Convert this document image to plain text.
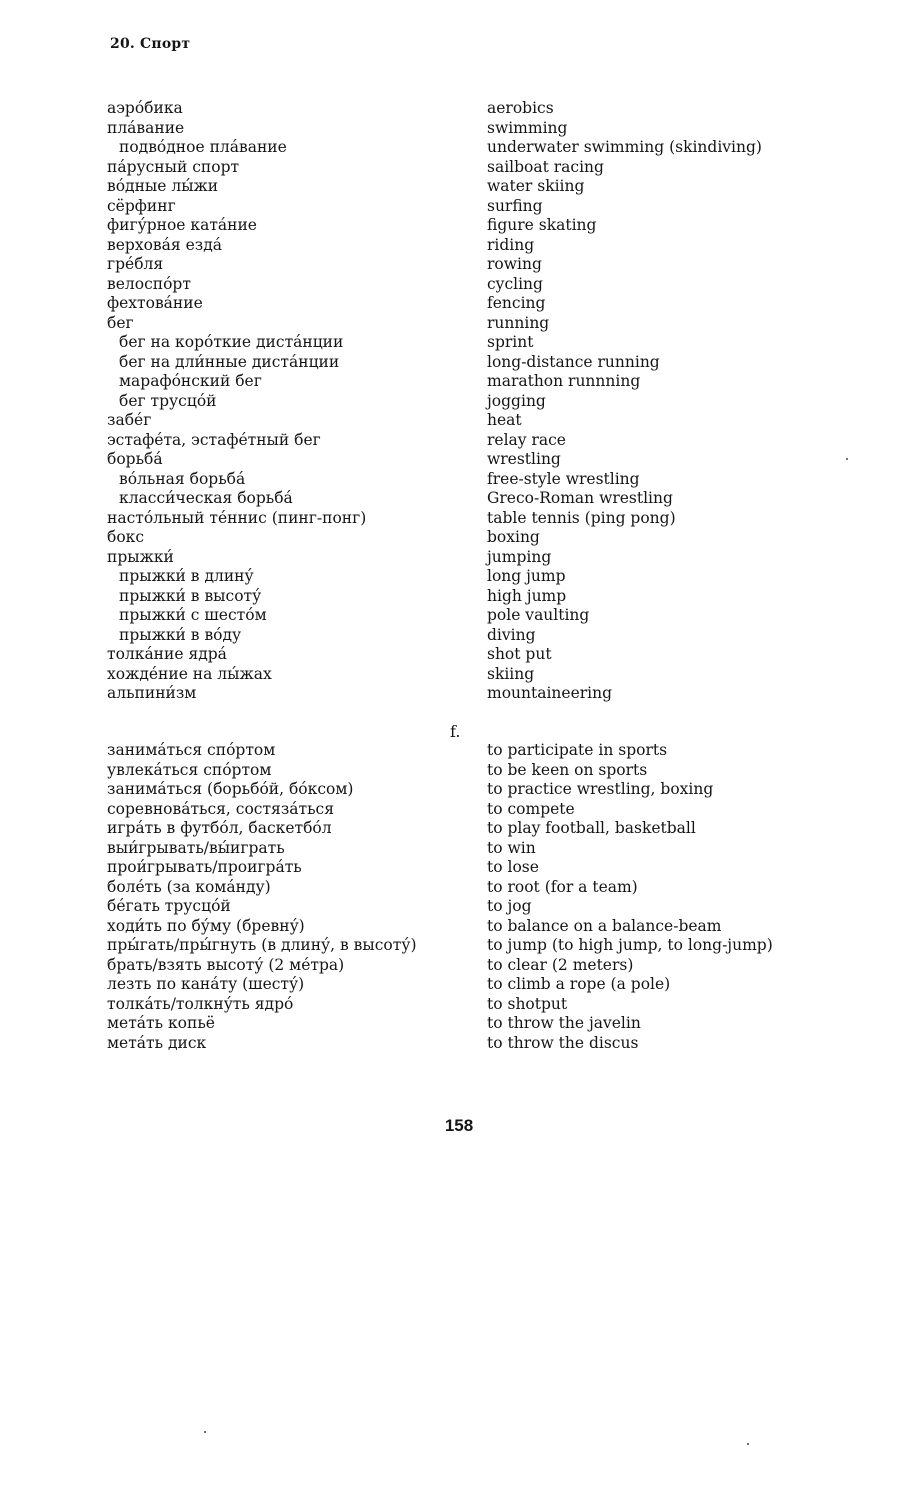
20. Спорт
аэро́бика	aerobics
пла́вание	swimming
подво́дное пла́вание	underwater swimming (skindiving)
па́русный спорт	sailboat racing
во́дные лы́жи	water skiing
сёрфинг	surfing
фигу́рное ката́ние	figure skating
верхова́я езда́	riding
гре́бля	rowing
велоспо́рт	cycling
фехтова́ние	fencing
бег	running
бег на коро́ткие диста́нции	sprint
бег на дли́нные диста́нции	long-distance running
марафо́нский бег	marathon runnning
бег трусцо́й	jogging
забе́г	heat
эстафе́та, эстафе́тный бег	relay race
борьба́	wrestling
во́льная борьба́	free-style wrestling
класси́ческая борьба́	Greco-Roman wrestling
насто́льный те́ннис (пинг-понг)	table tennis (ping pong)
бокс	boxing
прыжки́	jumping
прыжки́ в длину́	long jump
прыжки́ в высоту́	high jump
прыжки́ с шесто́м	pole vaulting
прыжки́ в во́ду	diving
толка́ние ядра́	shot put
хожде́ние на лы́жах	skiing
альпини́зм	mountaineering
f.
занима́ться спо́ртом	to participate in sports
увлека́ться спо́ртом	to be keen on sports
занима́ться (борьбо́й, бо́ксом)	to practice wrestling, boxing
соревнова́ться, состяза́ться	to compete
игра́ть в футбо́л, баскетбо́л	to play football, basketball
выи́грывать/вы́играть	to win
прои́грывать/проигра́ть	to lose
боле́ть (за кома́нду)	to root (for a team)
бе́гать трусцо́й	to jog
ходи́ть по бу́му (бревну́)	to balance on a balance-beam
пры́гать/пры́гнуть (в длину́, в высоту́)	to jump (to high jump, to long-jump)
брать/взять высоту́ (2 ме́тра)	to clear (2 meters)
лезть по кана́ту (шесту́)	to climb a rope (a pole)
толка́ть/толкну́ть ядро́	to shotput
мета́ть копьё	to throw the javelin
мета́ть диск	to throw the discus
158
